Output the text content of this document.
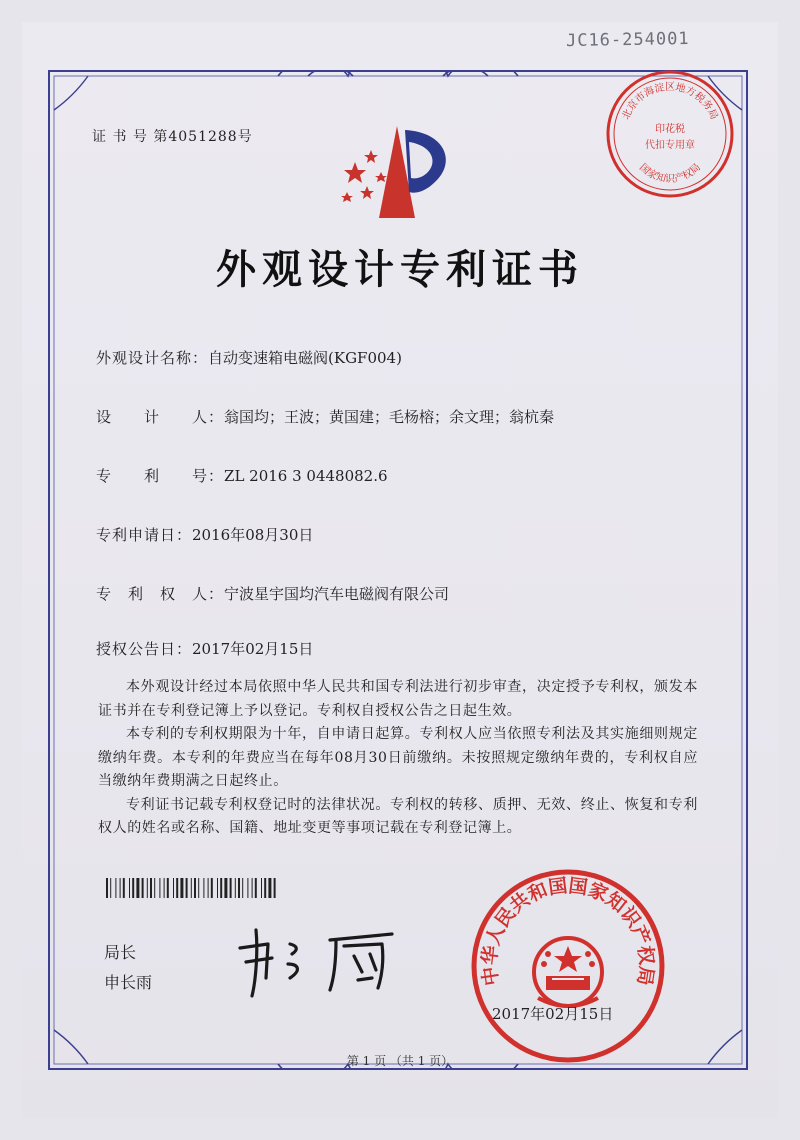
JC16-254001
证 书 号 第4051288号
外观设计专利证书
外观设计名称：自动变速箱电磁阀(KGF004)
设　　计　　人：翁国均；王波；黄国建；毛杨榕；余文理；翁杭秦
专　　利　　号：ZL 2016 3 0448082.6
专利申请日：2016年08月30日
专　利　权　人：宁波星宇国均汽车电磁阀有限公司
授权公告日：2017年02月15日

本外观设计经过本局依照中华人民共和国专利法进行初步审查，决定授予专利权，颁发本证书并在专利登记簿上予以登记。专利权自授权公告之日起生效。

本专利的专利权期限为十年，自申请日起算。专利权人应当依照专利法及其实施细则规定缴纳年费。本专利的年费应当在每年08月30日前缴纳。未按照规定缴纳年费的，专利权自应当缴纳年费期满之日起终止。

专利证书记载专利权登记时的法律状况。专利权的转移、质押、无效、终止、恢复和专利权人的姓名或名称、国籍、地址变更等事项记载在专利登记簿上。

局长
申长雨
北京市海淀区地方税务局
印花税
代扣专用章
国家知识产权局
中华人民共和国国家知识产权局
2017年02月15日
第 1 页 （共 1 页）
